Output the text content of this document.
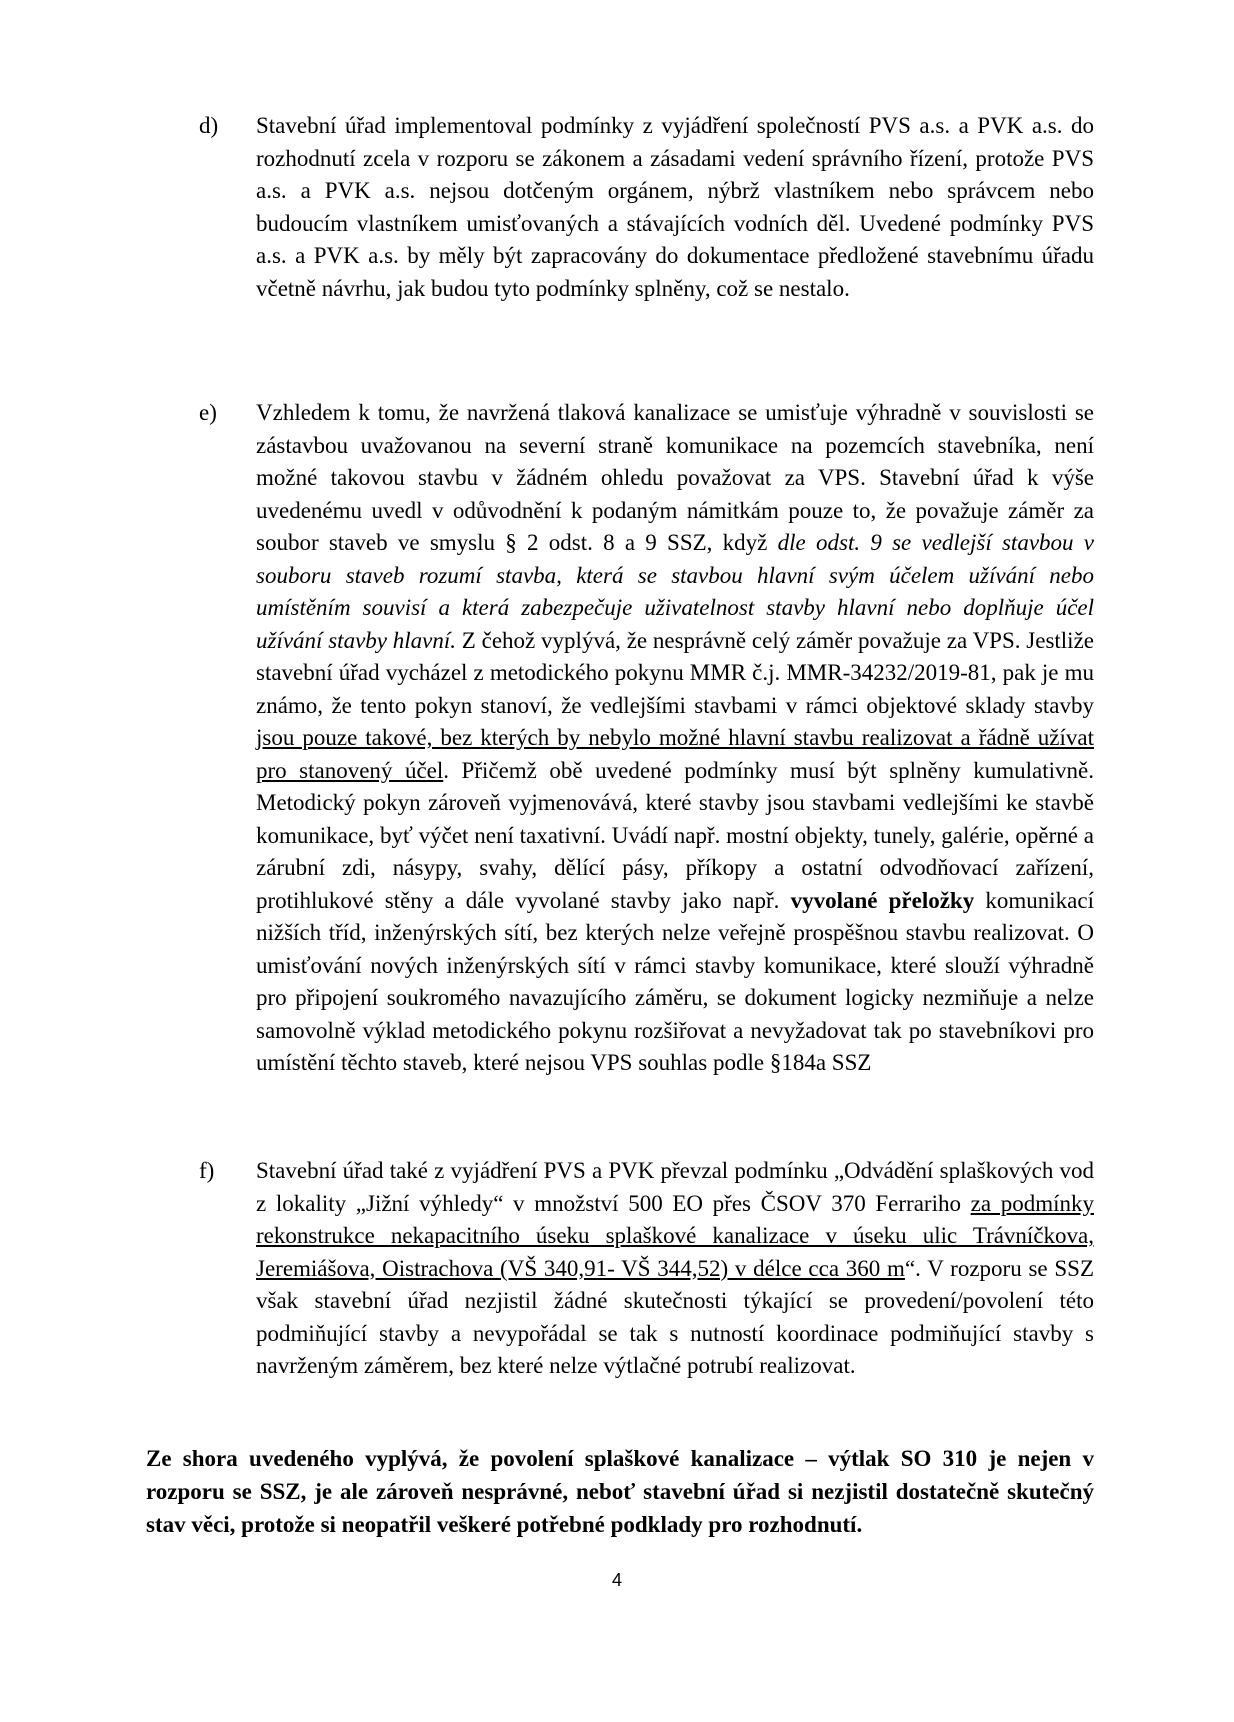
d)	Stavební úřad implementoval podmínky z vyjádření společností PVS a.s. a PVK a.s. do rozhodnutí zcela v rozporu se zákonem a zásadami vedení správního řízení, protože PVS a.s. a PVK a.s. nejsou dotčeným orgánem, nýbrž vlastníkem nebo správcem nebo budoucím vlastníkem umisťovaných a stávajících vodních děl. Uvedené podmínky PVS a.s. a PVK a.s. by měly být zapracovány do dokumentace předložené stavebnímu úřadu včetně návrhu, jak budou tyto podmínky splněny, což se nestalo.
e)	Vzhledem k tomu, že navržená tlaková kanalizace se umisťuje výhradně v souvislosti se zástavbou uvažovanou na severní straně komunikace na pozemcích stavebníka, není možné takovou stavbu v žádném ohledu považovat za VPS. Stavební úřad k výše uvedenému uvedl v odůvodnění k podaným námitkám pouze to, že považuje záměr za soubor staveb ve smyslu § 2 odst. 8 a 9 SSZ, když dle odst. 9 se vedlejší stavbou v souboru staveb rozumí stavba, která se stavbou hlavní svým účelem užívání nebo umístěním souvisí a která zabezpečuje uživatelnost stavby hlavní nebo doplňuje účel užívání stavby hlavní. Z čehož vyplývá, že nesprávně celý záměr považuje za VPS. Jestliže stavební úřad vycházel z metodického pokynu MMR č.j. MMR-34232/2019-81, pak je mu známo, že tento pokyn stanoví, že vedlejšími stavbami v rámci objektové sklady stavby jsou pouze takové, bez kterých by nebylo možné hlavní stavbu realizovat a řádně užívat pro stanovený účel. Přičemž obě uvedené podmínky musí být splněny kumulativně. Metodický pokyn zároveň vyjmenovává, které stavby jsou stavbami vedlejšími ke stavbě komunikace, byť výčet není taxativní. Uvádí např. mostní objekty, tunely, galérie, opěrné a zárubní zdi, násypy, svahy, dělící pásy, příkopy a ostatní odvodňovací zařízení, protihlukové stěny a dále vyvolané stavby jako např. vyvolané přeložky komunikací nižších tříd, inženýrských sítí, bez kterých nelze veřejně prospěšnou stavbu realizovat. O umisťování nových inženýrských sítí v rámci stavby komunikace, které slouží výhradně pro připojení soukromého navazujícího záměru, se dokument logicky nezmiňuje a nelze samovolně výklad metodického pokynu rozšiřovat a nevyžadovat tak po stavebníkovi pro umístění těchto staveb, které nejsou VPS souhlas podle §184a SSZ
f)	Stavební úřad také z vyjádření PVS a PVK převzal podmínku „Odvádění splaškových vod z lokality „Jižní výhledy“ v množství 500 EO přes ČSOV 370 Ferrariho za podmínky rekonstrukce nekapacitního úseku splaškové kanalizace v úseku ulic Trávníčkova, Jeremiášova, Oistrachova (VŠ 340,91- VŠ 344,52) v délce cca 360 m“. V rozporu se SSZ však stavební úřad nezjistil žádné skutečnosti týkající se provedení/povolení této podmiňující stavby a nevypořádal se tak s nutností koordinace podmiňující stavby s navrženým záměrem, bez které nelze výtlačné potrubí realizovat.
Ze shora uvedeného vyplývá, že povolení splaškové kanalizace – výtlak SO 310 je nejen v rozporu se SSZ, je ale zároveň nesprávné, neboť stavební úřad si nezjistil dostatečně skutečný stav věci, protože si neopatřil veškeré potřebné podklady pro rozhodnutí.
4
